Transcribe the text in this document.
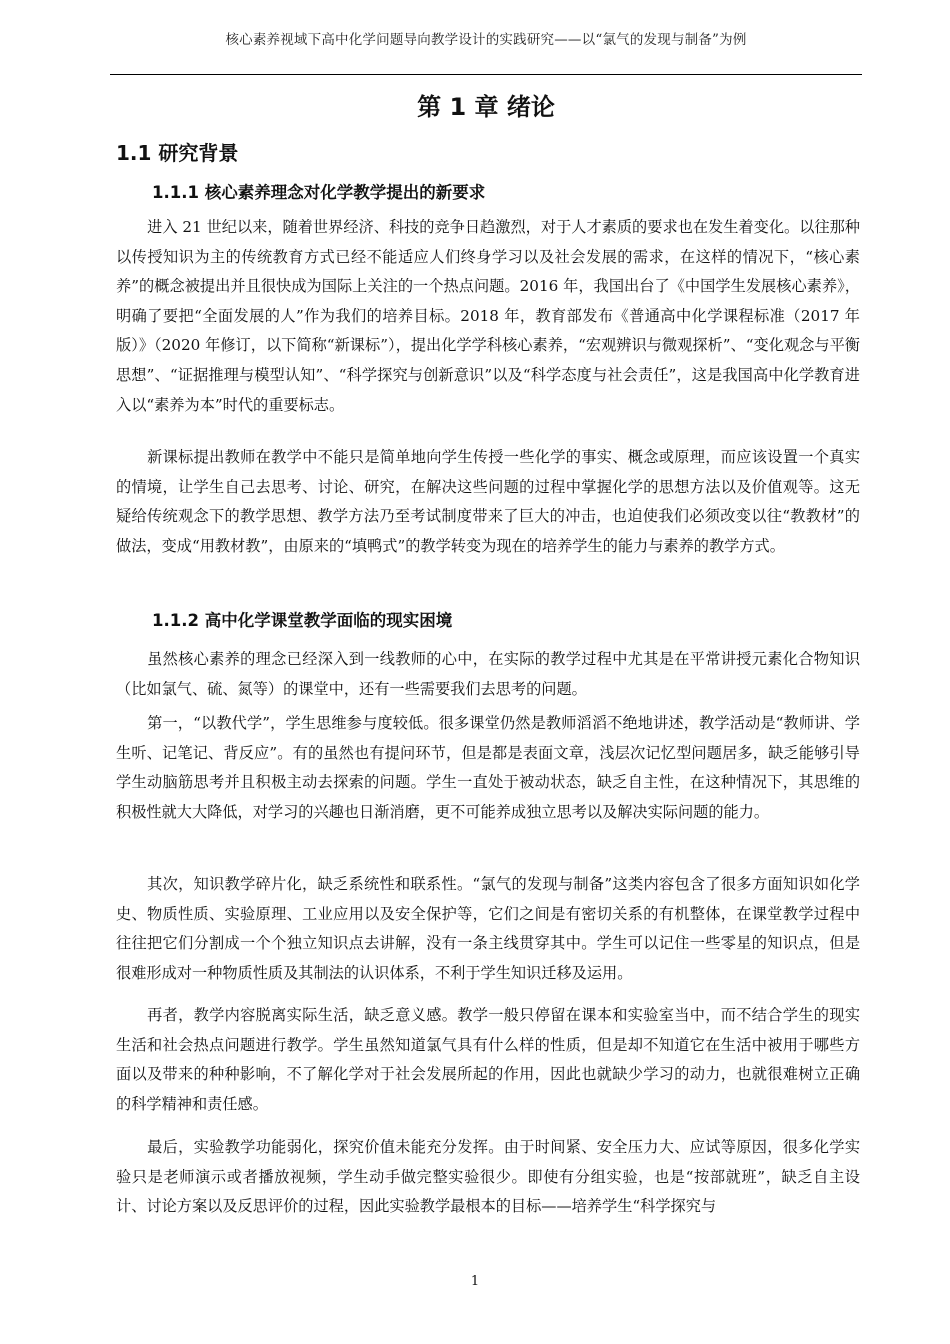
核心素养视域下高中化学问题导向教学设计的实践研究——以“氯气的发现与制备”为例
第 1 章 绪论
1.1 研究背景
1.1.1 核心素养理念对化学教学提出的新要求

进入 21 世纪以来，随着世界经济、科技的竞争日趋激烈，对于人才素质的要求也在发生着变化。以往那种以传授知识为主的传统教育方式已经不能适应人们终身学习以及社会发展的需求，在这样的情况下，“核心素养”的概念被提出并且很快成为国际上关注的一个热点问题。2016 年，我国出台了《中国学生发展核心素养》，明确了要把“全面发展的人”作为我们的培养目标。2018 年，教育部发布《普通高中化学课程标准（2017 年版）》（2020 年修订，以下简称“新课标”），提出化学学科核心素养，“宏观辨识与微观探析”、“变化观念与平衡思想”、“证据推理与模型认知”、“科学探究与创新意识”以及“科学态度与社会责任”，这是我国高中化学教育进入以“素养为本”时代的重要标志。

新课标提出教师在教学中不能只是简单地向学生传授一些化学的事实、概念或原理，而应该设置一个真实的情境，让学生自己去思考、讨论、研究，在解决这些问题的过程中掌握化学的思想方法以及价值观等。这无疑给传统观念下的教学思想、教学方法乃至考试制度带来了巨大的冲击，也迫使我们必须改变以往“教教材”的做法，变成“用教材教”，由原来的“填鸭式”的教学转变为现在的培养学生的能力与素养的教学方式。

1.1.2 高中化学课堂教学面临的现实困境

虽然核心素养的理念已经深入到一线教师的心中，在实际的教学过程中尤其是在平常讲授元素化合物知识（比如氯气、硫、氮等）的课堂中，还有一些需要我们去思考的问题。

第一，“以教代学”，学生思维参与度较低。很多课堂仍然是教师滔滔不绝地讲述，教学活动是“教师讲、学生听、记笔记、背反应”。有的虽然也有提问环节，但是都是表面文章，浅层次记忆型问题居多，缺乏能够引导学生动脑筋思考并且积极主动去探索的问题。学生一直处于被动状态，缺乏自主性，在这种情况下，其思维的积极性就大大降低，对学习的兴趣也日渐消磨，更不可能养成独立思考以及解决实际问题的能力。

其次，知识教学碎片化，缺乏系统性和联系性。“氯气的发现与制备”这类内容包含了很多方面知识如化学史、物质性质、实验原理、工业应用以及安全保护等，它们之间是有密切关系的有机整体，在课堂教学过程中往往把它们分割成一个个独立知识点去讲解，没有一条主线贯穿其中。学生可以记住一些零星的知识点，但是很难形成对一种物质性质及其制法的认识体系，不利于学生知识迁移及运用。

再者，教学内容脱离实际生活，缺乏意义感。教学一般只停留在课本和实验室当中，而不结合学生的现实生活和社会热点问题进行教学。学生虽然知道氯气具有什么样的性质，但是却不知道它在生活中被用于哪些方面以及带来的种种影响，不了解化学对于社会发展所起的作用，因此也就缺少学习的动力，也就很难树立正确的科学精神和责任感。

最后，实验教学功能弱化，探究价值未能充分发挥。由于时间紧、安全压力大、应试等原因，很多化学实验只是老师演示或者播放视频，学生动手做完整实验很少。即使有分组实验，也是“按部就班”，缺乏自主设计、讨论方案以及反思评价的过程，因此实验教学最根本的目标——培养学生“科学探究与

1
